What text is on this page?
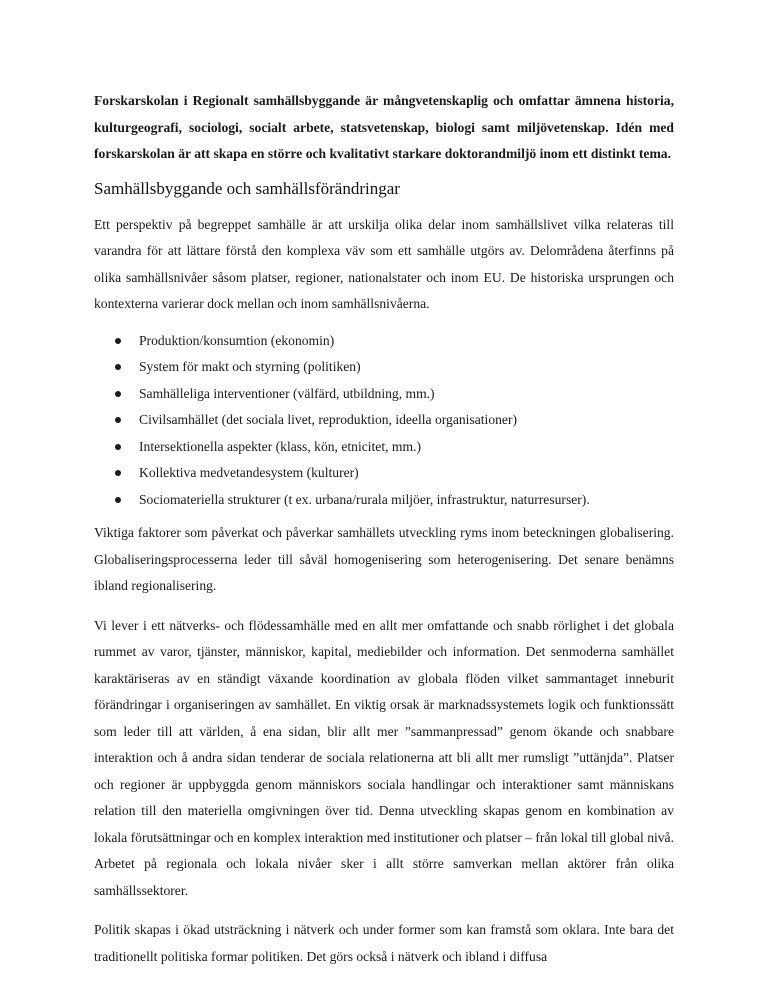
Forskarskolan i Regionalt samhällsbyggande är mångvetenskaplig och omfattar ämnena historia, kulturgeografi, sociologi, socialt arbete, statsvetenskap, biologi samt miljövetenskap. Idén med forskarskolan är att skapa en större och kvalitativt starkare doktorandmiljö inom ett distinkt tema.

Samhällsbyggande och samhällsförändringar

Ett perspektiv på begreppet samhälle är att urskilja olika delar inom samhällslivet vilka relateras till varandra för att lättare förstå den komplexa väv som ett samhälle utgörs av. Delområdena återfinns på olika samhällsnivåer såsom platser, regioner, nationalstater och inom EU. De historiska ursprungen och kontexterna varierar dock mellan och inom samhällsnivåerna.

Produktion/konsumtion (ekonomin)
System för makt och styrning (politiken)
Samhälleliga interventioner (välfärd, utbildning, mm.)
Civilsamhället (det sociala livet, reproduktion, ideella organisationer)
Intersektionella aspekter (klass, kön, etnicitet, mm.)
Kollektiva medvetandesystem (kulturer)
Sociomateriella strukturer (t ex. urbana/rurala miljöer, infrastruktur, naturresurser).

Viktiga faktorer som påverkat och påverkar samhällets utveckling ryms inom beteckningen globalisering. Globaliseringsprocesserna leder till såväl homogenisering som heterogenisering. Det senare benämns ibland regionalisering.

Vi lever i ett nätverks- och flödessamhälle med en allt mer omfattande och snabb rörlighet i det globala rummet av varor, tjänster, människor, kapital, mediebilder och information. Det senmoderna samhället karaktäriseras av en ständigt växande koordination av globala flöden vilket sammantaget inneburit förändringar i organiseringen av samhället. En viktig orsak är marknadssystemets logik och funktionssätt som leder till att världen, å ena sidan, blir allt mer ”sammanpressad” genom ökande och snabbare interaktion och å andra sidan tenderar de sociala relationerna att bli allt mer rumsligt ”uttänjda”. Platser och regioner är uppbyggda genom människors sociala handlingar och interaktioner samt människans relation till den materiella omgivningen över tid. Denna utveckling skapas genom en kombination av lokala förutsättningar och en komplex interaktion med institutioner och platser – från lokal till global nivå. Arbetet på regionala och lokala nivåer sker i allt större samverkan mellan aktörer från olika samhällssektorer.

Politik skapas i ökad utsträckning i nätverk och under former som kan framstå som oklara. Inte bara det traditionellt politiska formar politiken. Det görs också i nätverk och ibland i diffusa
